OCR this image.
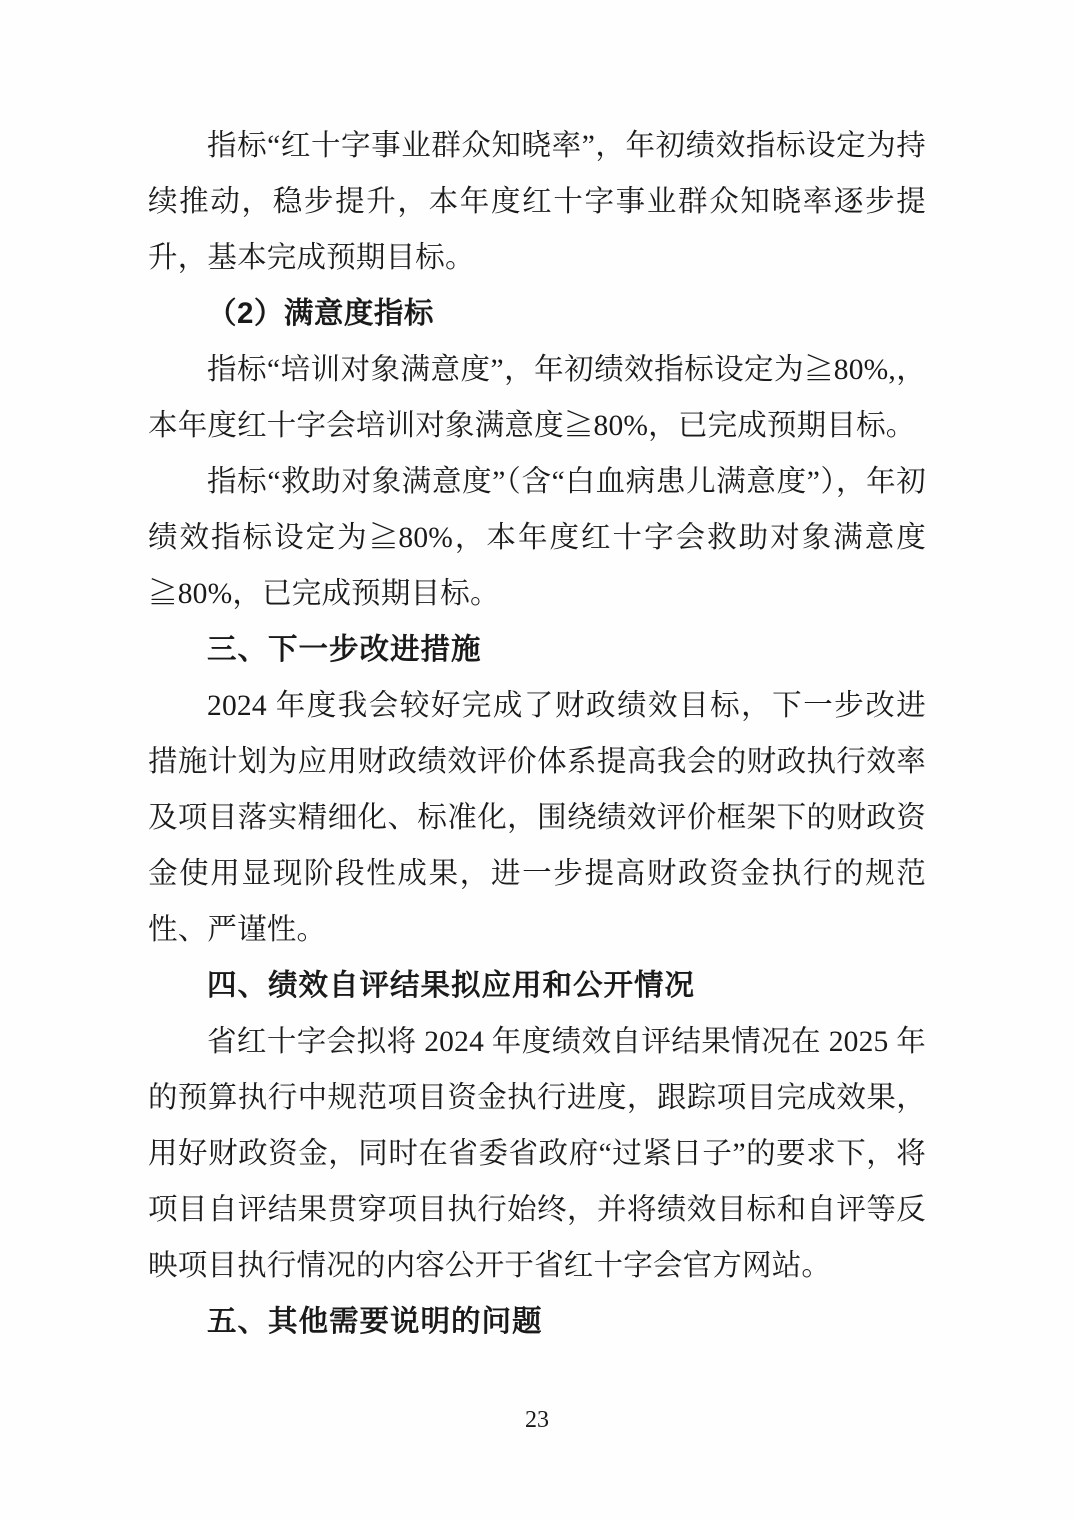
指标“红十字事业群众知晓率”，年初绩效指标设定为持续推动，稳步提升，本年度红十字事业群众知晓率逐步提升，基本完成预期目标。

（2）满意度指标

指标“培训对象满意度”，年初绩效指标设定为≧80%,，本年度红十字会培训对象满意度≧80%，已完成预期目标。

指标“救助对象满意度”（含“白血病患儿满意度”），年初绩效指标设定为≧80%，本年度红十字会救助对象满意度≧80%，已完成预期目标。

三、下一步改进措施

2024 年度我会较好完成了财政绩效目标，下一步改进措施计划为应用财政绩效评价体系提高我会的财政执行效率及项目落实精细化、标准化，围绕绩效评价框架下的财政资金使用显现阶段性成果，进一步提高财政资金执行的规范性、严谨性。

四、绩效自评结果拟应用和公开情况

省红十字会拟将 2024 年度绩效自评结果情况在 2025 年的预算执行中规范项目资金执行进度，跟踪项目完成效果，用好财政资金，同时在省委省政府“过紧日子”的要求下，将项目自评结果贯穿项目执行始终，并将绩效目标和自评等反映项目执行情况的内容公开于省红十字会官方网站。

五、其他需要说明的问题

23
